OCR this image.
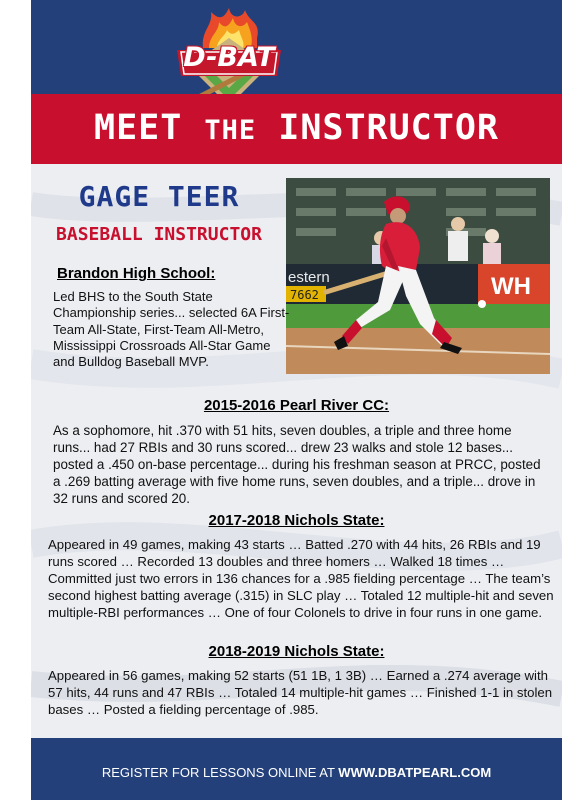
D-BAT
MEET THE INSTRUCTOR
GAGE TEER
BASEBALL INSTRUCTOR
WH
estern
7662
Brandon High School:
Led BHS to the South State Championship series... selected 6A First-Team All-State, First-Team All-Metro, Mississippi Crossroads All-Star Game and Bulldog Baseball MVP.
2015-2016 Pearl River CC:
As a sophomore, hit .370 with 51 hits, seven doubles, a triple and three home runs... had 27 RBIs and 30 runs scored... drew 23 walks and stole 12 bases... posted a .450 on-base percentage... during his freshman season at PRCC, posted a .269 batting average with five home runs, seven doubles, and a triple... drove in 32 runs and scored 20.
2017-2018 Nichols State:
Appeared in 49 games, making 43 starts … Batted .270 with 44 hits, 26 RBIs and 19 runs scored … Recorded 13 doubles and three homers … Walked 18 times … Committed just two errors in 136 chances for a .985 fielding percentage … The team’s second highest batting average (.315) in SLC play … Totaled 12 multiple-hit and seven multiple-RBI performances … One of four Colonels to drive in four runs in one game.
2018-2019 Nichols State:
Appeared in 56 games, making 52 starts (51 1B, 1 3B) … Earned a .274 average with 57 hits, 44 runs and 47 RBIs … Totaled 14 multiple-hit games … Finished 1-1 in stolen bases … Posted a fielding percentage of .985.
REGISTER FOR LESSONS ONLINE AT WWW.DBATPEARL.COM
